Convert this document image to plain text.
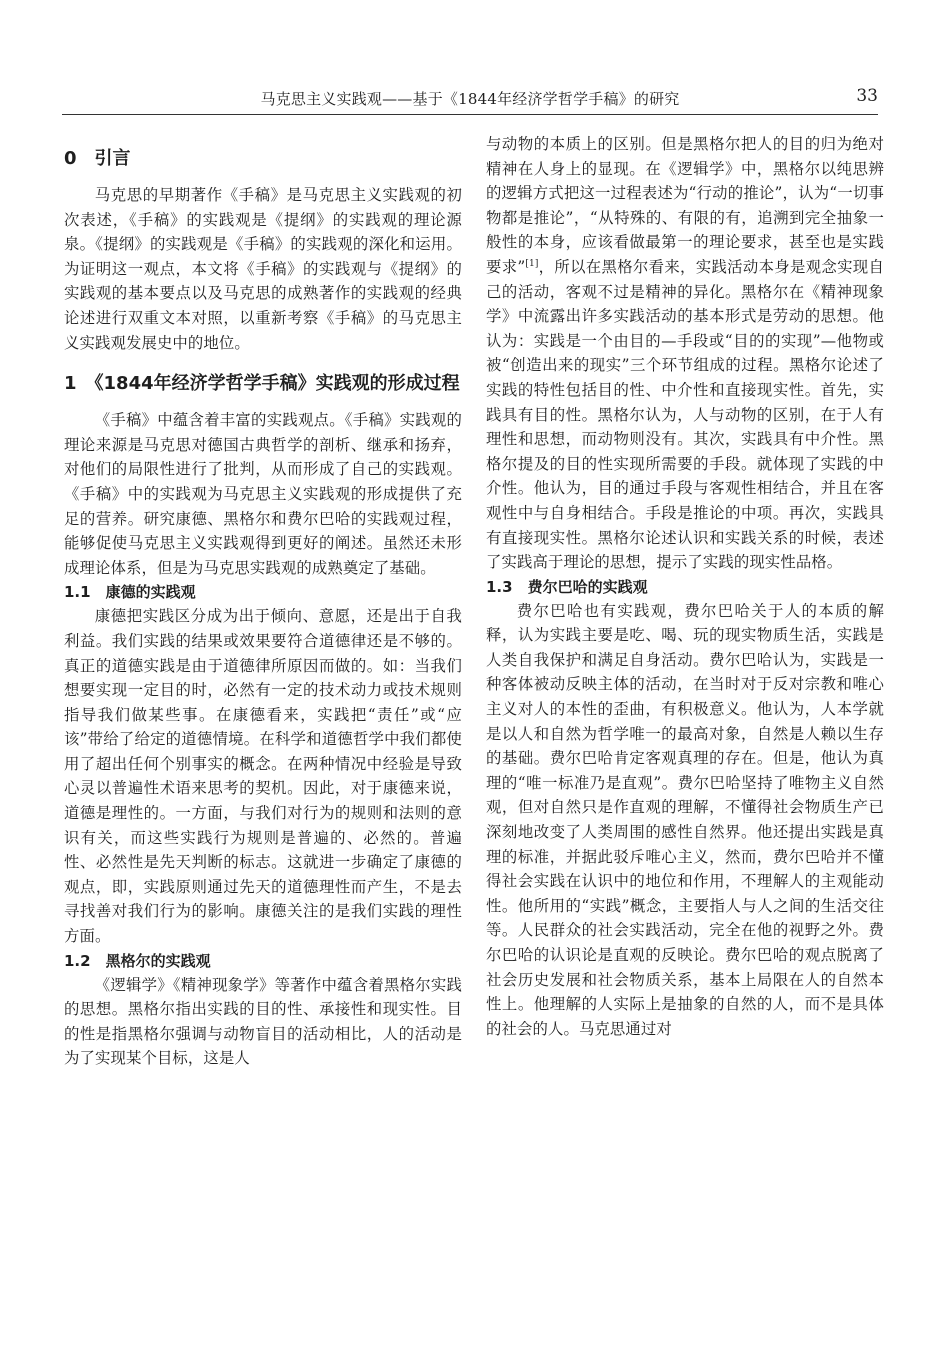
马克思主义实践观——基于《1844年经济学哲学手稿》的研究	33
0　引言

马克思的早期著作《手稿》是马克思主义实践观的初次表述，《手稿》的实践观是《提纲》的实践观的理论源泉。《提纲》的实践观是《手稿》的实践观的深化和运用。为证明这一观点，本文将《手稿》的实践观与《提纲》的实践观的基本要点以及马克思的成熟著作的实践观的经典论述进行双重文本对照，以重新考察《手稿》的马克思主义实践观发展史中的地位。

1　《1844年经济学哲学手稿》实践观的形成过程

《手稿》中蕴含着丰富的实践观点。《手稿》实践观的理论来源是马克思对德国古典哲学的剖析、继承和扬弃，对他们的局限性进行了批判，从而形成了自己的实践观。《手稿》中的实践观为马克思主义实践观的形成提供了充足的营养。研究康德、黑格尔和费尔巴哈的实践观过程，能够促使马克思主义实践观得到更好的阐述。虽然还未形成理论体系，但是为马克思实践观的成熟奠定了基础。

1.1　康德的实践观

康德把实践区分成为出于倾向、意愿，还是出于自我利益。我们实践的结果或效果要符合道德律还是不够的。真正的道德实践是由于道德律所原因而做的。如：当我们想要实现一定目的时，必然有一定的技术动力或技术规则指导我们做某些事。在康德看来，实践把“责任”或“应该”带给了给定的道德情境。在科学和道德哲学中我们都使用了超出任何个别事实的概念。在两种情况中经验是导致心灵以普遍性术语来思考的契机。因此，对于康德来说，道德是理性的。一方面，与我们对行为的规则和法则的意识有关，而这些实践行为规则是普遍的、必然的。普遍性、必然性是先天判断的标志。这就进一步确定了康德的观点，即，实践原则通过先天的道德理性而产生，不是去寻找善对我们行为的影响。康德关注的是我们实践的理性方面。

1.2　黑格尔的实践观

《逻辑学》《精神现象学》等著作中蕴含着黑格尔实践的思想。黑格尔指出实践的目的性、承接性和现实性。目的性是指黑格尔强调与动物盲目的活动相比，人的活动是为了实现某个目标，这是人

与动物的本质上的区别。但是黑格尔把人的目的归为绝对精神在人身上的显现。在《逻辑学》中，黑格尔以纯思辨的逻辑方式把这一过程表述为“行动的推论”，认为“一切事物都是推论”，“从特殊的、有限的有，追溯到完全抽象一般性的本身，应该看做最第一的理论要求，甚至也是实践要求”[1]，所以在黑格尔看来，实践活动本身是观念实现自己的活动，客观不过是精神的异化。黑格尔在《精神现象学》中流露出许多实践活动的基本形式是劳动的思想。他认为：实践是一个由目的—手段或“目的的实现”—他物或被“创造出来的现实”三个环节组成的过程。黑格尔论述了实践的特性包括目的性、中介性和直接现实性。首先，实践具有目的性。黑格尔认为，人与动物的区别，在于人有理性和思想，而动物则没有。其次，实践具有中介性。黑格尔提及的目的性实现所需要的手段。就体现了实践的中介性。他认为，目的通过手段与客观性相结合，并且在客观性中与自身相结合。手段是推论的中项。再次，实践具有直接现实性。黑格尔论述认识和实践关系的时候，表述了实践高于理论的思想，提示了实践的现实性品格。

1.3　费尔巴哈的实践观

费尔巴哈也有实践观，费尔巴哈关于人的本质的解释，认为实践主要是吃、喝、玩的现实物质生活，实践是人类自我保护和满足自身活动。费尔巴哈认为，实践是一种客体被动反映主体的活动，在当时对于反对宗教和唯心主义对人的本性的歪曲，有积极意义。他认为，人本学就是以人和自然为哲学唯一的最高对象，自然是人赖以生存的基础。费尔巴哈肯定客观真理的存在。但是，他认为真理的“唯一标准乃是直观”。费尔巴哈坚持了唯物主义自然观，但对自然只是作直观的理解，不懂得社会物质生产已深刻地改变了人类周围的感性自然界。他还提出实践是真理的标准，并据此驳斥唯心主义，然而，费尔巴哈并不懂得社会实践在认识中的地位和作用，不理解人的主观能动性。他所用的“实践”概念，主要指人与人之间的生活交往等。人民群众的社会实践活动，完全在他的视野之外。费尔巴哈的认识论是直观的反映论。费尔巴哈的观点脱离了社会历史发展和社会物质关系，基本上局限在人的自然本性上。他理解的人实际上是抽象的自然的人，而不是具体的社会的人。马克思通过对
